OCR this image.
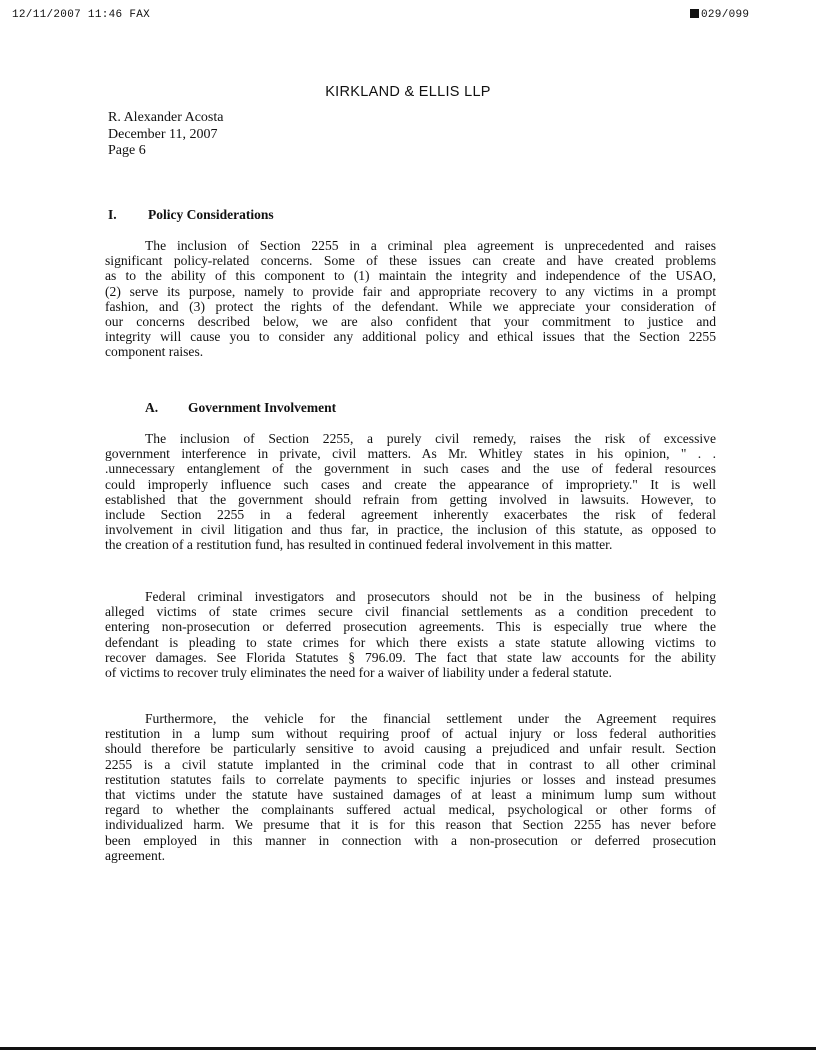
12/11/2007 11:46 FAX	029/099
KIRKLAND & ELLIS LLP
R. Alexander Acosta
December 11, 2007
Page 6
I. Policy Considerations
The inclusion of Section 2255 in a criminal plea agreement is unprecedented and raises
significant policy-related concerns. Some of these issues can create and have created problems
as to the ability of this component to (1) maintain the integrity and independence of the USAO,
(2) serve its purpose, namely to provide fair and appropriate recovery to any victims in a prompt
fashion, and (3) protect the rights of the defendant. While we appreciate your consideration of
our concerns described below, we are also confident that your commitment to justice and
integrity will cause you to consider any additional policy and ethical issues that the Section 2255
component raises.
A. Government Involvement
The inclusion of Section 2255, a purely civil remedy, raises the risk of excessive
government interference in private, civil matters. As Mr. Whitley states in his opinion, " . .
.unnecessary entanglement of the government in such cases and the use of federal resources
could improperly influence such cases and create the appearance of impropriety." It is well
established that the government should refrain from getting involved in lawsuits. However, to
include Section 2255 in a federal agreement inherently exacerbates the risk of federal
involvement in civil litigation and thus far, in practice, the inclusion of this statute, as opposed to
the creation of a restitution fund, has resulted in continued federal involvement in this matter.
Federal criminal investigators and prosecutors should not be in the business of helping
alleged victims of state crimes secure civil financial settlements as a condition precedent to
entering non-prosecution or deferred prosecution agreements. This is especially true where the
defendant is pleading to state crimes for which there exists a state statute allowing victims to
recover damages. See Florida Statutes § 796.09. The fact that state law accounts for the ability
of victims to recover truly eliminates the need for a waiver of liability under a federal statute.
Furthermore, the vehicle for the financial settlement under the Agreement requires
restitution in a lump sum without requiring proof of actual injury or loss federal authorities
should therefore be particularly sensitive to avoid causing a prejudiced and unfair result. Section
2255 is a civil statute implanted in the criminal code that in contrast to all other criminal
restitution statutes fails to correlate payments to specific injuries or losses and instead presumes
that victims under the statute have sustained damages of at least a minimum lump sum without
regard to whether the complainants suffered actual medical, psychological or other forms of
individualized harm. We presume that it is for this reason that Section 2255 has never before
been employed in this manner in connection with a non-prosecution or deferred prosecution
agreement.
